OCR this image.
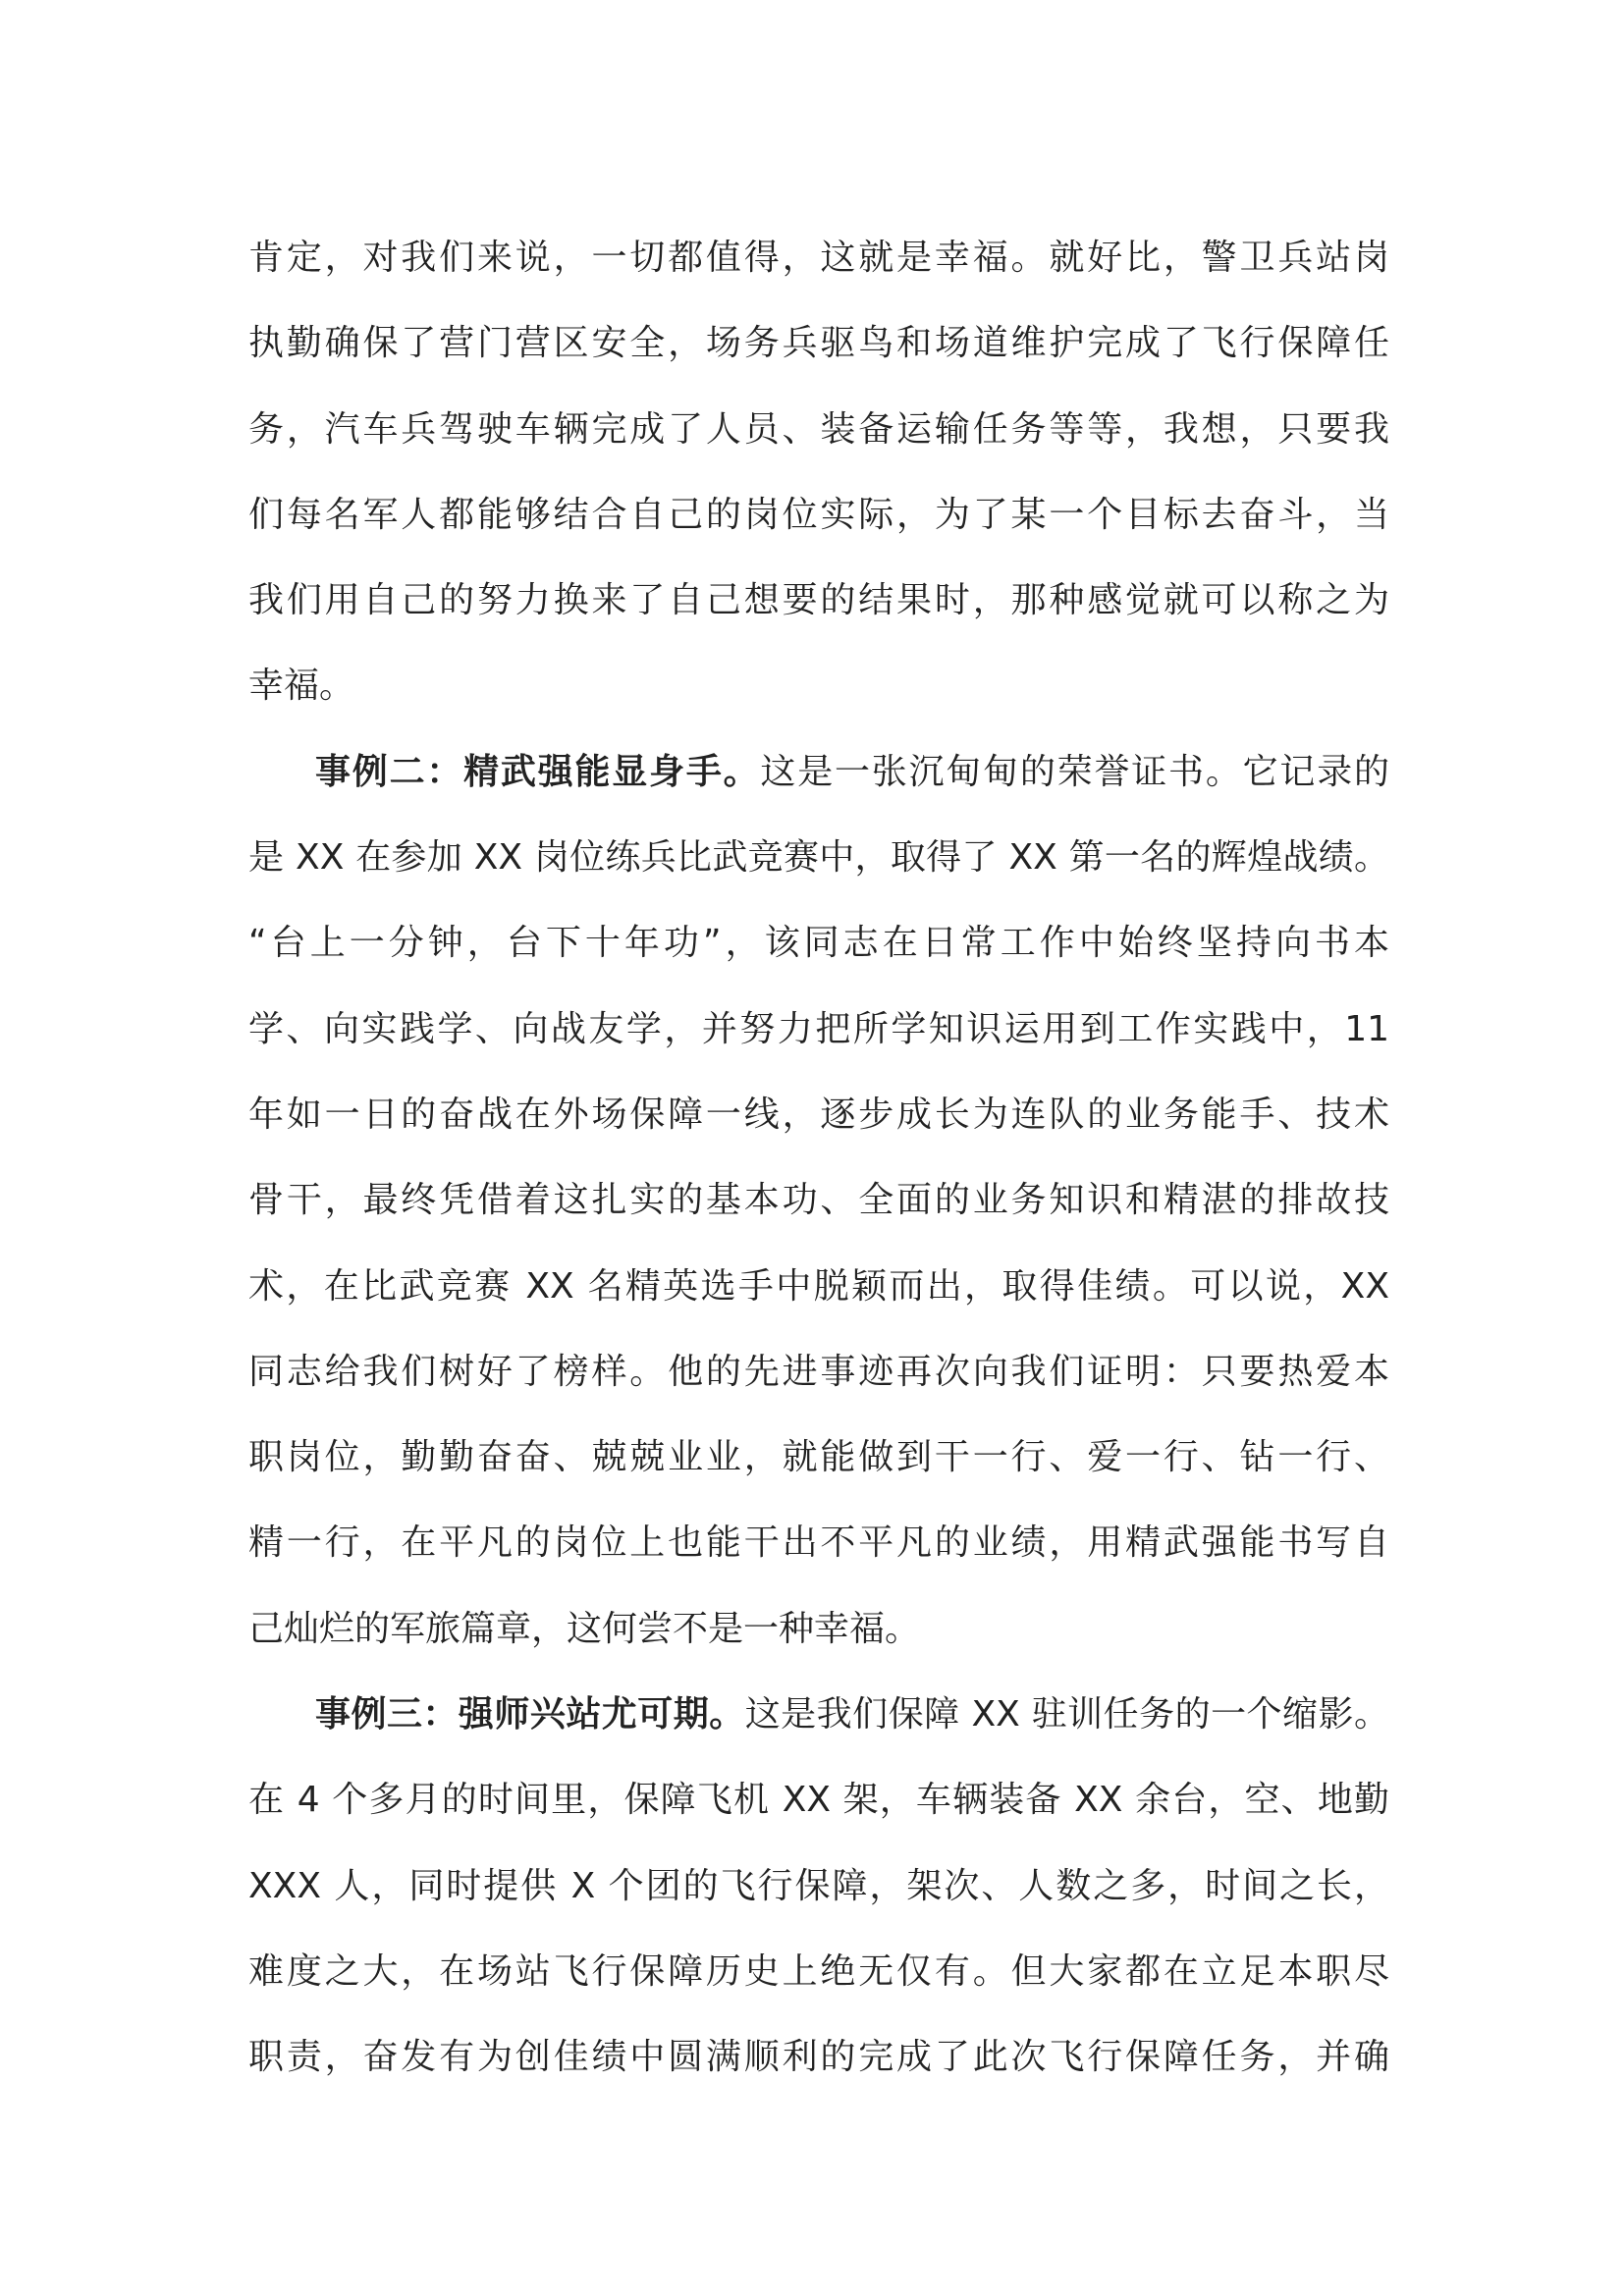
肯定，对我们来说，一切都值得，这就是幸福。就好比，警卫兵站岗
执勤确保了营门营区安全，场务兵驱鸟和场道维护完成了飞行保障任
务，汽车兵驾驶车辆完成了人员、装备运输任务等等，我想，只要我
们每名军人都能够结合自己的岗位实际，为了某一个目标去奋斗，当
我们用自己的努力换来了自己想要的结果时，那种感觉就可以称之为
幸福。
事例二：精武强能显身手。这是一张沉甸甸的荣誉证书。它记录的
是 XX 在参加 XX 岗位练兵比武竞赛中，取得了 XX 第一名的辉煌战绩。
“台上一分钟，台下十年功”，该同志在日常工作中始终坚持向书本
学、向实践学、向战友学，并努力把所学知识运用到工作实践中，11
年如一日的奋战在外场保障一线，逐步成长为连队的业务能手、技术
骨干，最终凭借着这扎实的基本功、全面的业务知识和精湛的排故技
术，在比武竞赛 XX 名精英选手中脱颖而出，取得佳绩。可以说，XX
同志给我们树好了榜样。他的先进事迹再次向我们证明：只要热爱本
职岗位，勤勤奋奋、兢兢业业，就能做到干一行、爱一行、钻一行、
精一行，在平凡的岗位上也能干出不平凡的业绩，用精武强能书写自
己灿烂的军旅篇章，这何尝不是一种幸福。
事例三：强师兴站尤可期。这是我们保障 XX 驻训任务的一个缩影。
在 4 个多月的时间里，保障飞机 XX 架，车辆装备 XX 余台，空、地勤
XXX 人，同时提供 X 个团的飞行保障，架次、人数之多，时间之长，
难度之大，在场站飞行保障历史上绝无仅有。但大家都在立足本职尽
职责，奋发有为创佳绩中圆满顺利的完成了此次飞行保障任务，并确
